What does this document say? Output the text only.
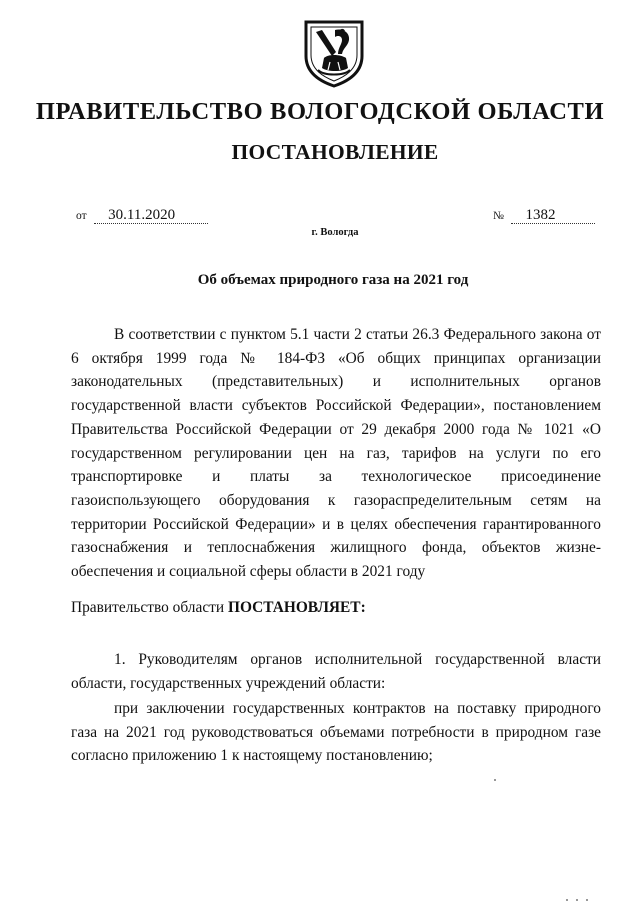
ПРАВИТЕЛЬСТВО ВОЛОГОДСКОЙ ОБЛАСТИ
ПОСТАНОВЛЕНИЕ
от 30.11.2020	№ 1382
г. Вологда
Об объемах природного газа на 2021 год
В соответствии с пунктом 5.1 части 2 статьи 26.3 Федерального закона от 6 октября 1999 года № 184-ФЗ «Об общих принципах организации законодательных (представительных) и исполнительных органов государственной власти субъектов Российской Федерации», постановлением Правительства Российской Федерации от 29 декабря 2000 года № 1021 «О государственном регулировании цен на газ, тарифов на услуги по его транспортировке и платы за технологическое присоединение газоиспользующего оборудования к газораспределительным сетям на территории Российской Федерации» и в целях обеспечения гарантированного газоснабжения и теплоснабжения жилищного фонда, объектов жизнеобеспечения и социальной сферы области в 2021 году
Правительство области ПОСТАНОВЛЯЕТ:
1. Руководителям органов исполнительной государственной власти области, государственных учреждений области:
при заключении государственных контрактов на поставку природного газа на 2021 год руководствоваться объемами потребности в природном газе согласно приложению 1 к настоящему постановлению;
